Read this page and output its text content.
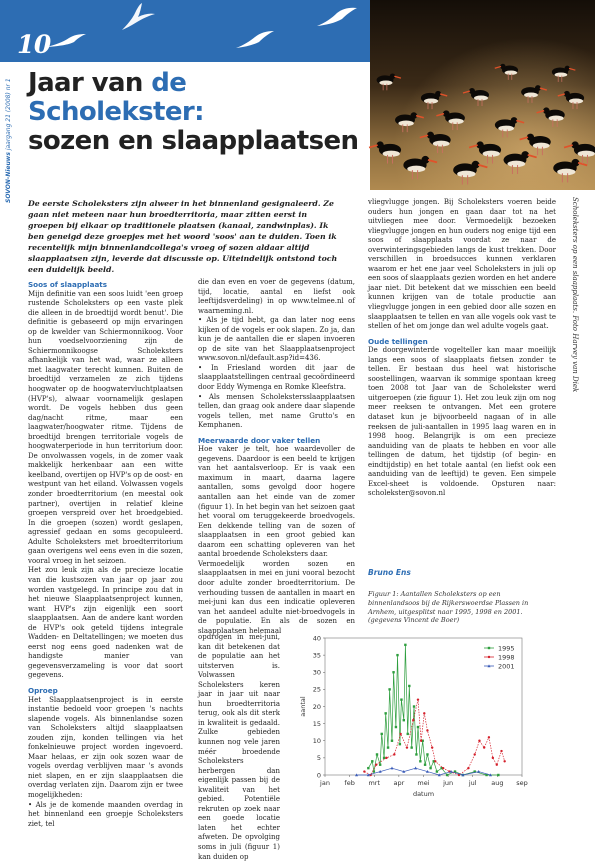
10
SOVON-Nieuws jaargang 21 (2008) nr 1
Scholeksters op een slaapplaats. Foto Harvey van Diek
Jaar van de Scholekster:
sozen en slaapplaatsen

De eerste Scholeksters zijn alweer in het binnenland gesignaleerd. Ze gaan niet meteen naar hun broedterritoria, maar zitten eerst in groepen bij elkaar op traditionele plaatsen (kanaal, zandwinplas). Ik ben geneigd deze groepjes met het woord 'soos' aan te duiden. Toen ik recentelijk mijn binnenlandcollega's vroeg of sozen aldaar altijd slaapplaatsen zijn, leverde dat discussie op. Uiteindelijk ontstond toch een duidelijk beeld.

Soos of slaapplaats

Mijn definitie van een soos luidt 'een groep rustende Scholeksters op een vaste plek die alleen in de broedtijd wordt benut'. Die definitie is gebaseerd op mijn ervaringen op de kwelder van Schiermonnikoog. Voor hun voedselvoorziening zijn de Schiermonnikoogse Scholeksters afhankelijk van het wad, waar ze alleen met laagwater terecht kunnen. Buiten de broedtijd verzamelen ze zich tijdens hoogwater op de hoogwatervluchtplaatsen (HVP's), alwaar voornamelijk geslapen wordt. De vogels hebben dus geen dag/nacht ritme, maar een laagwater/hoogwater ritme. Tijdens de broedtijd brengen territoriale vogels de hoogwaterperiode in hun territorium door. De onvolwassen vogels, in de zomer vaak makkelijk herkenbaar aan een witte keelband, overtijen op HVP's op de oost- en westpunt van het eiland. Volwassen vogels zonder broedterritorium (en meestal ook partner), overtijen in relatief kleine groepen verspreid over het broedgebied. In die groepen (sozen) wordt geslapen, agressief gedaan en soms gecopuleerd. Adulte Scholeksters met broedterritorium gaan overigens wel eens even in die sozen, vooral vroeg in het seizoen.

Het zou leuk zijn als de precieze locatie van die kustsozen van jaar op jaar zou worden vastgelegd. In principe zou dat in het nieuwe Slaapplaatsenproject kunnen, want HVP's zijn eigenlijk een soort slaapplaatsen. Aan de andere kant worden de HVP's ook geteld tijdens integrale Wadden- en Deltatellingen; we moeten dus eerst nog eens goed nadenken wat de handigste manier van gegevensverzameling is voor dat soort gegevens.

Oproep

Het Slaapplaatsenproject is in eerste instantie bedoeld voor groepen 's nachts slapende vogels. Als binnenlandse sozen van Scholeksters altijd slaapplaatsen zouden zijn, konden tellingen via het fonkelnieuwe project worden ingevoerd. Maar helaas, er zijn ook sozen waar de vogels overdag verblijven maar 's avonds niet slapen, en er zijn slaapplaatsen die overdag verlaten zijn. Daarom zijn er twee mogelijkheden:

• Als je de komende maanden overdag in het binnenland een groepje Scholeksters ziet, tel

die dan even en voer de gegevens (datum, tijd, locatie, aantal en liefst ook leeftijdsverdeling) in op www.telmee.nl of waarneming.nl.

• Als je tijd hebt, ga dan later nog eens kijken of de vogels er ook slapen. Zo ja, dan kun je de aantallen die er slapen invoeren op de site van het Slaapplaatsenproject www.sovon.nl/default.asp?id=436.

• In Friesland worden dit jaar de slaapplaatstellingen centraal gecoördineerd door Eddy Wymenga en Romke Kleefstra.

• Als mensen Scholekstersslaapplaatsen tellen, dan graag ook andere daar slapende vogels tellen, met name Grutto's en Kemphanen.

Meerwaarde door vaker tellen

Hoe vaker je telt, hoe waardevoller de gegevens. Daardoor is een beeld te krijgen van het aantalsverloop. Er is vaak een maximum in maart, daarna lagere aantallen, soms gevolgd door hogere aantallen aan het einde van de zomer (figuur 1). In het begin van het seizoen gaat het vooral om teruggekeerde broedvogels. Een dekkende telling van de sozen of slaapplaatsen in een groot gebied kan daarom een schatting opleveren van het aantal broedende Scholeksters daar.

Vermoedelijk worden sozen en slaapplaatsen in mei en juni vooral bezocht door adulte zonder broedterritorium. De verhouding tussen de aantallen in maart en mei-juni kan dus een indicatie opleveren van het aandeel adulte niet-broedvogels in de populatie. En als de sozen en slaapplaatsen helemaal

opdrogen in mei-juni, kan dit betekenen dat de populatie aan het uitsterven is. Volwassen Scholeksters keren jaar in jaar uit naar hun broedterritoria terug, ook als dit sterk in kwaliteit is gedaald. Zulke gebieden kunnen nog vele jaren méér broedende Scholeksters herbergen dan eigenlijk passen bij de kwaliteit van het gebied. Potentiële rekruten op zoek naar een goede locatie laten het echter afweten. De opvolging soms in juli (figuur 1) kan duiden op

vliegvlugge jongen. Bij Scholeksters voeren beide ouders hun jongen en gaan daar tot na het uitvliegen mee door. Vermoedelijk bezoeken vliegvlugge jongen en hun ouders nog enige tijd een soos of slaapplaats voordat ze naar de overwinteringsgebieden langs de kust trekken. Door verschillen in broedsucces kunnen verklaren waarom er het ene jaar veel Scholeksters in juli op een soos of slaapplaats gezien worden en het andere jaar niet. Dit betekent dat we misschien een beeld kunnen krijgen van de totale productie aan vliegvlugge jongen in een gebied door alle sozen en slaapplaatsen te tellen en van alle vogels ook vast te stellen of het om jonge dan wel adulte vogels gaat.

Oude tellingen

De doorgewinterde vogelteller kan maar moeilijk langs een soos of slaapplaats fietsen zonder te tellen. Er bestaan dus heel wat historische soostellingen, waarvan ik sommige spontaan kreeg toen 2008 tot Jaar van de Scholekster werd uitgeroepen (zie figuur 1). Het zou leuk zijn om nog meer reeksen te ontvangen. Met een grotere dataset kun je bijvoorbeeld nagaan of in alle reeksen de juli-aantallen in 1995 laag waren en in 1998 hoog. Belangrijk is om een precieze aanduiding van de plaats te hebben en voor alle tellingen de datum, het tijdstip (of begin- en eindtijdstip) en het totale aantal (en liefst ook een aanduiding van de leeftijd) te geven. Een simpele Excel-sheet is voldoende. Opsturen naar: scholekster@sovon.nl

Bruno Ens
Figuur 1: Aantallen Scholeksters op een binnenlandsoos bij de Rijkerswoerdse Plassen in Arnhem, uitgesplitst naar 1995, 1998 en 2001. (gegevens Vincent de Boer)
0
5
10
15
20
25
30
35
40
jan feb mrt apr mei jun jul aug sep
datum
aantal
1995
1998
2001
